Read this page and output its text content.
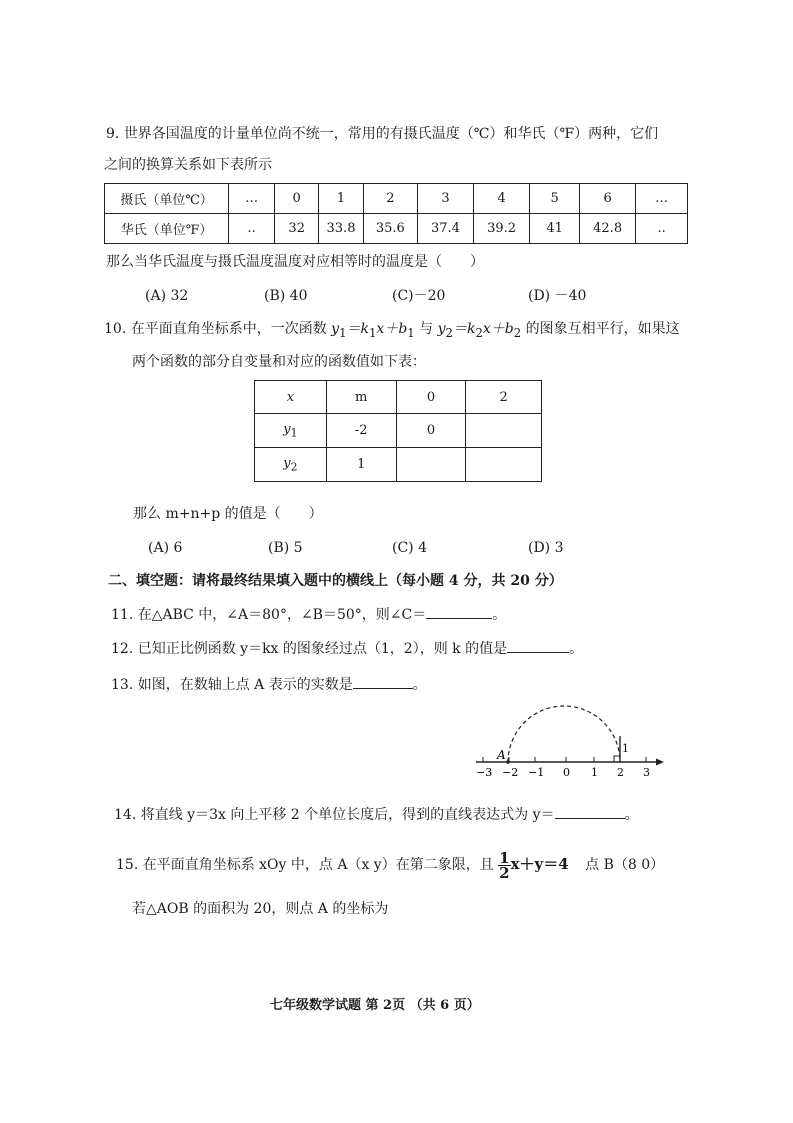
9. 世界各国温度的计量单位尚不统一，常用的有摄氏温度（℃）和华氏（℉）两种，它们
之间的换算关系如下表所示
摄氏（单位℃）	…	0	1	2	3	4	5	6	…
华氏（单位℉）	..	32	33.8	35.6	37.4	39.2	41	42.8	..
那么当华氏温度与摄氏温度温度对应相等时的温度是（　　）
(A) 32	(B) 40	(C)－20	(D) －40
10. 在平面直角坐标系中，一次函数 $y_1=k_1x+b_1$ 与 $y_2=k_2x+b_2$ 的图象互相平行，如果这
两个函数的部分自变量和对应的函数值如下表：
x	m	0	2
$y_1$	-2	0	
$y_2$	1		
那么 m+n+p 的值是（　　）
(A) 6	(B) 5	(C) 4	(D) 3
二、填空题：请将最终结果填入题中的横线上（每小题 4 分，共 20 分）
11. 在△ABC 中，∠A＝80°，∠B＝50°，则∠C＝	。
12. 已知正比例函数 y＝kx 的图象经过点（1，2），则 k 的值是	。
13. 如图，在数轴上点 A 表示的实数是	。
A	1
−3 −2 −1 0 1 2 3
14. 将直线 y＝3x 向上平移 2 个单位长度后，得到的直线表达式为 y＝	。
15. 在平面直角坐标系 xOy 中，点 A（x y）在第二象限，且 $\frac{1}{2} x+y=4$ 点 B（8 0）
若△AOB 的面积为 20，则点 A 的坐标为
七年级数学试题 第 2页 （共 6 页）
